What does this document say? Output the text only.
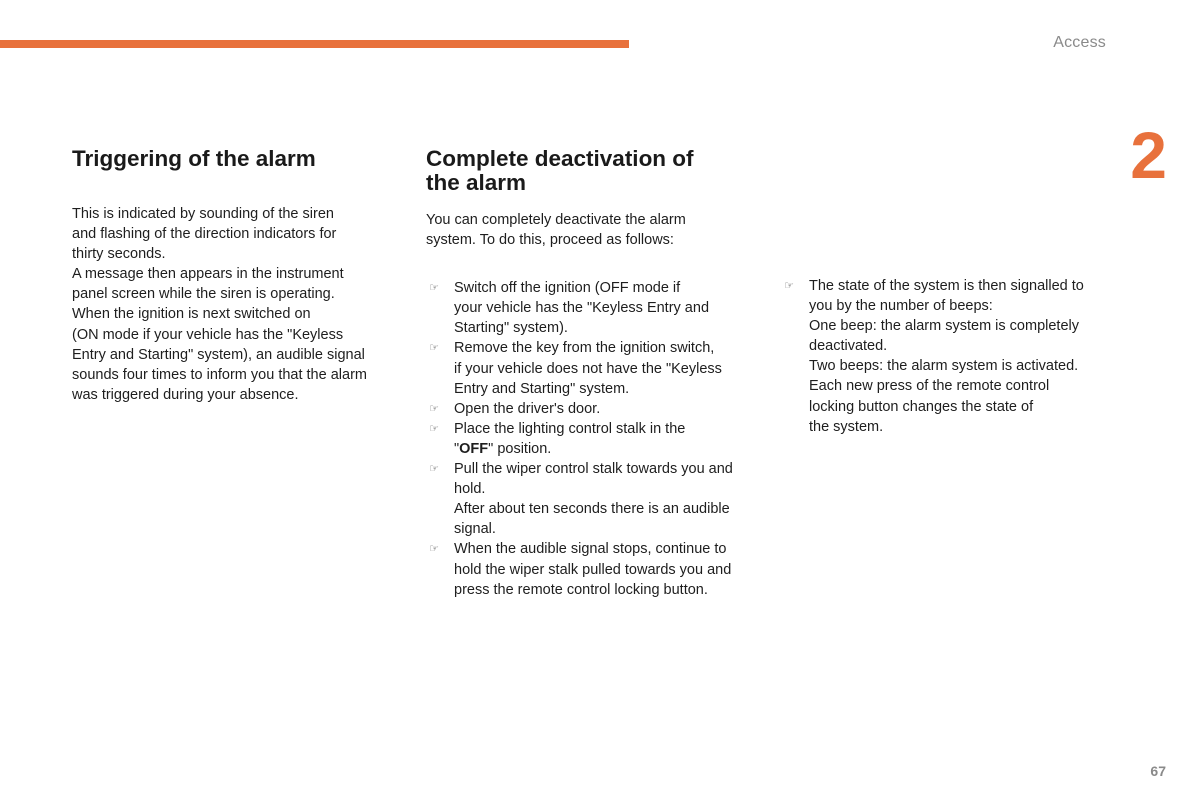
Access
2
Triggering of the alarm
This is indicated by sounding of the siren
and flashing of the direction indicators for
thirty seconds.
A message then appears in the instrument
panel screen while the siren is operating.
When the ignition is next switched on
(ON mode if your vehicle has the "Keyless
Entry and Starting" system), an audible signal
sounds four times to inform you that the alarm
was triggered during your absence.
Complete deactivation of
the alarm
You can completely deactivate the alarm
system. To do this, proceed as follows:
☞ Switch off the ignition (OFF mode if
your vehicle has the "Keyless Entry and
Starting" system).
☞ Remove the key from the ignition switch,
if your vehicle does not have the "Keyless
Entry and Starting" system.
☞ Open the driver's door.
☞ Place the lighting control stalk in the
"OFF" position.
☞ Pull the wiper control stalk towards you and
hold.
After about ten seconds there is an audible
signal.
☞ When the audible signal stops, continue to
hold the wiper stalk pulled towards you and
press the remote control locking button.
☞ The state of the system is then signalled to
you by the number of beeps:
One beep: the alarm system is completely
deactivated.
Two beeps: the alarm system is activated.
Each new press of the remote control
locking button changes the state of
the system.
67
